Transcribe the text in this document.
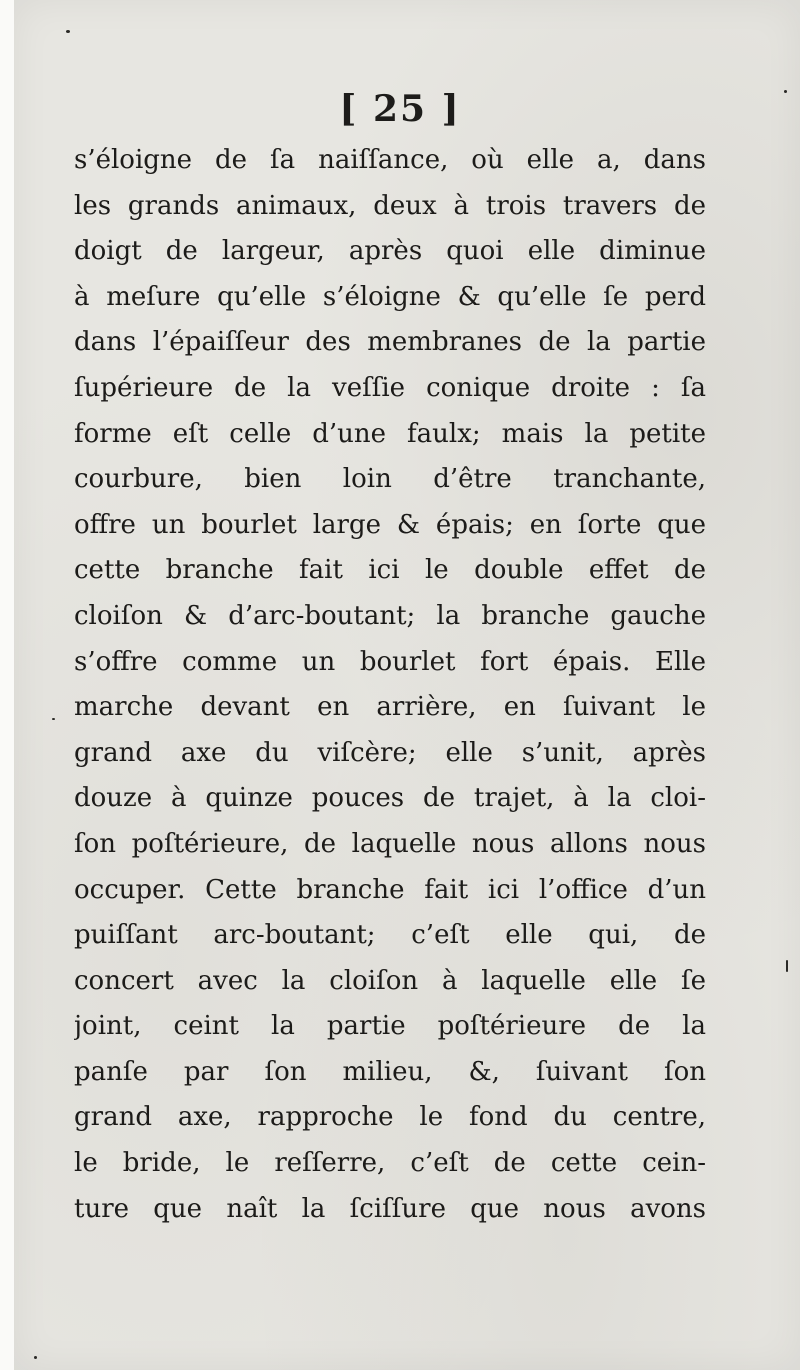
[ 25 ]
s’éloigne de ſa naiſſance, où elle a, dans
les grands animaux, deux à trois travers de
doigt de largeur, après quoi elle diminue
à meſure qu’elle s’éloigne & qu’elle ſe perd
dans l’épaiſſeur des membranes de la partie
ſupérieure de la veſſie conique droite : ſa
forme eſt celle d’une faulx; mais la petite
courbure, bien loin d’être tranchante,
offre un bourlet large & épais; en ſorte que
cette branche fait ici le double effet de
cloiſon & d’arc-boutant; la branche gauche
s’offre comme un bourlet fort épais. Elle
marche devant en arrière, en ſuivant le
grand axe du viſcère; elle s’unit, après
douze à quinze pouces de trajet, à la cloi-
ſon poſtérieure, de laquelle nous allons nous
occuper. Cette branche fait ici l’office d’un
puiſſant arc-boutant; c’eſt elle qui, de
concert avec la cloiſon à laquelle elle ſe
joint, ceint la partie poſtérieure de la
panſe par ſon milieu, &, ſuivant ſon
grand axe, rapproche le fond du centre,
le bride, le reſſerre, c’eſt de cette cein-
ture que naît la ſciſſure que nous avons
